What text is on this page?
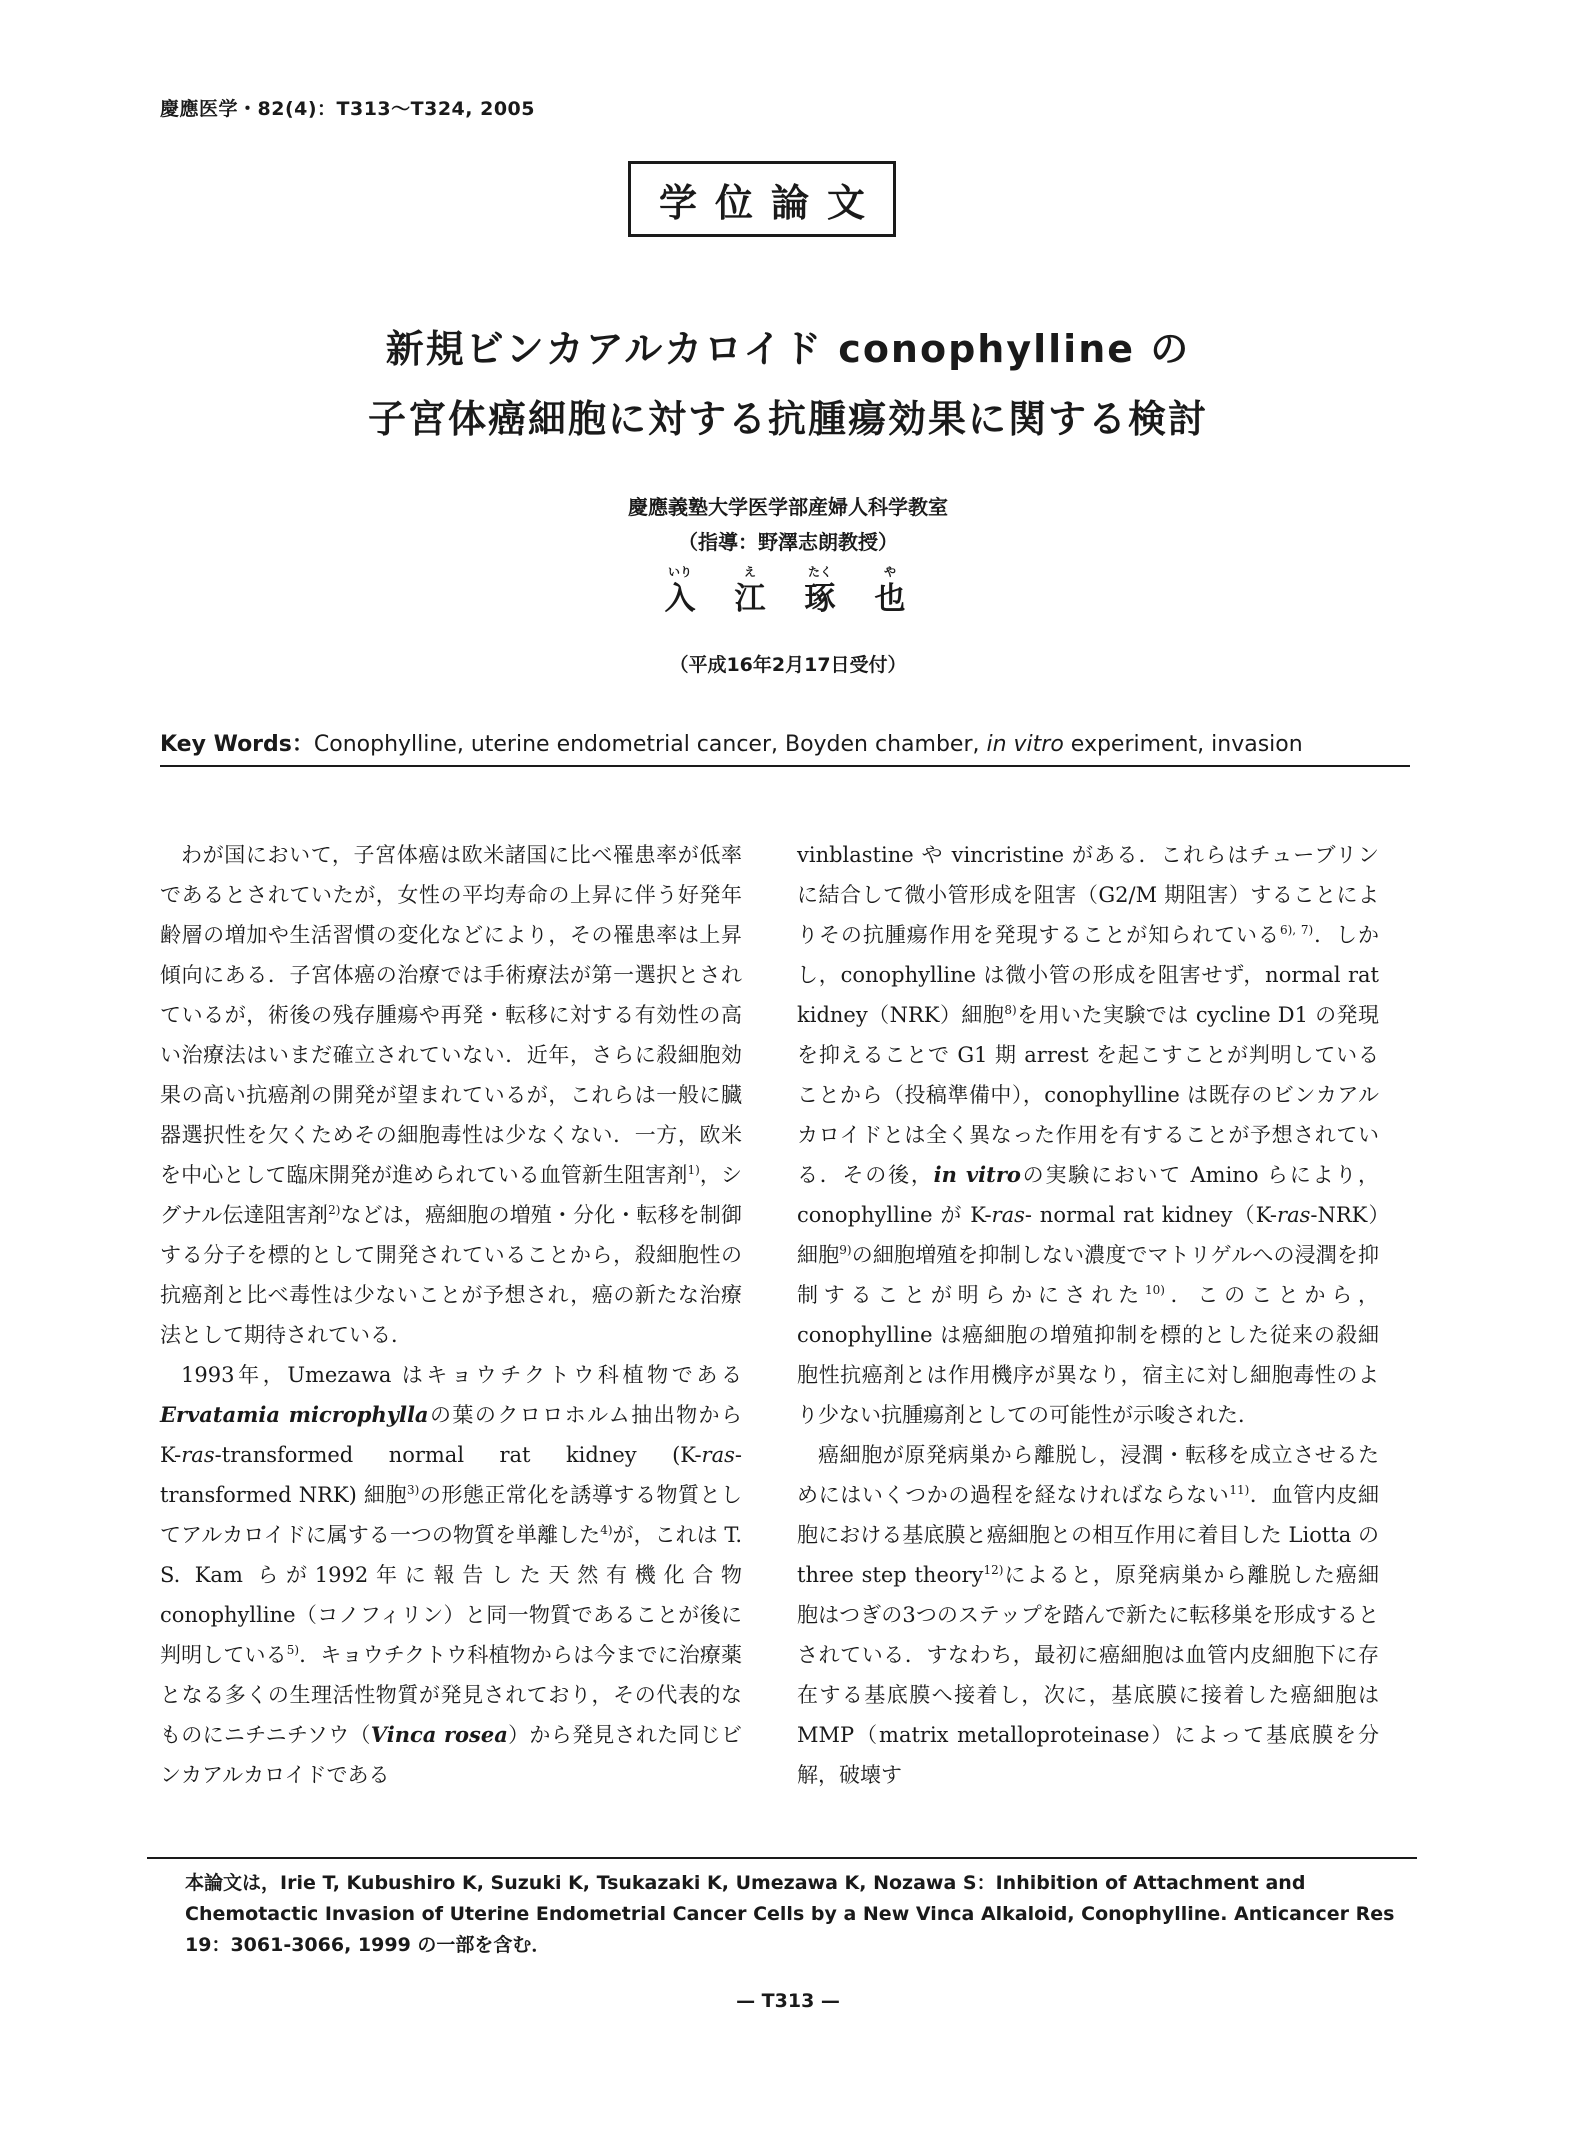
慶應医学・82(4)：T313〜T324, 2005
学位論文
新規ビンカアルカロイド conophylline の
子宮体癌細胞に対する抗腫瘍効果に関する検討
慶應義塾大学医学部産婦人科学教室
（指導：野澤志朗教授）
いり
入
え
江
たく
琢
や
也
（平成16年2月17日受付）
Key Words：Conophylline, uterine endometrial cancer, Boyden chamber, in vitro experiment, invasion

わが国において，子宮体癌は欧米諸国に比べ罹患率が低率であるとされていたが，女性の平均寿命の上昇に伴う好発年齢層の増加や生活習慣の変化などにより，その罹患率は上昇傾向にある．子宮体癌の治療では手術療法が第一選択とされているが，術後の残存腫瘍や再発・転移に対する有効性の高い治療法はいまだ確立されていない．近年，さらに殺細胞効果の高い抗癌剤の開発が望まれているが，これらは一般に臓器選択性を欠くためその細胞毒性は少なくない．一方，欧米を中心として臨床開発が進められている血管新生阻害剤$^{1)}$，シグナル伝達阻害剤$^{2)}$などは，癌細胞の増殖・分化・転移を制御する分子を標的として開発されていることから，殺細胞性の抗癌剤と比べ毒性は少ないことが予想され，癌の新たな治療法として期待されている．

1993年，Umezawa はキョウチクトウ科植物であるErvatamia microphyllaの葉のクロロホルム抽出物から K-ras-transformed normal rat kidney (K-ras-transformed NRK) 細胞$^{3)}$の形態正常化を誘導する物質としてアルカロイドに属する一つの物質を単離した$^{4)}$が，これは T. S. Kam らが1992年に報告した天然有機化合物 conophylline（コノフィリン）と同一物質であることが後に判明している$^{5)}$．キョウチクトウ科植物からは今までに治療薬となる多くの生理活性物質が発見されており，その代表的なものにニチニチソウ（Vinca rosea）から発見された同じビンカアルカロイドである

vinblastine や vincristine がある．これらはチューブリンに結合して微小管形成を阻害（G2/M 期阻害）することによりその抗腫瘍作用を発現することが知られている$^{6), 7)}$．しかし，conophylline は微小管の形成を阻害せず，normal rat kidney（NRK）細胞$^{8)}$を用いた実験では cycline D1 の発現を抑えることで G1 期 arrest を起こすことが判明していることから（投稿準備中），conophylline は既存のビンカアルカロイドとは全く異なった作用を有することが予想されている．その後，in vitroの実験において Amino らにより，conophylline が K-ras- normal rat kidney（K-ras-NRK）細胞$^{9)}$の細胞増殖を抑制しない濃度でマトリゲルへの浸潤を抑制することが明らかにされた$^{10)}$．このことから，conophylline は癌細胞の増殖抑制を標的とした従来の殺細胞性抗癌剤とは作用機序が異なり，宿主に対し細胞毒性のより少ない抗腫瘍剤としての可能性が示唆された．

癌細胞が原発病巣から離脱し，浸潤・転移を成立させるためにはいくつかの過程を経なければならない$^{11)}$．血管内皮細胞における基底膜と癌細胞との相互作用に着目した Liotta の three step theory$^{12)}$によると，原発病巣から離脱した癌細胞はつぎの3つのステップを踏んで新たに転移巣を形成するとされている．すなわち，最初に癌細胞は血管内皮細胞下に存在する基底膜へ接着し，次に，基底膜に接着した癌細胞は MMP（matrix metalloproteinase）によって基底膜を分解，破壊す

本論文は，Irie T, Kubushiro K, Suzuki K, Tsukazaki K, Umezawa K, Nozawa S：Inhibition of Attachment and Chemotactic Invasion of Uterine Endometrial Cancer Cells by a New Vinca Alkaloid, Conophylline. Anticancer Res 19：3061-3066, 1999 の一部を含む．
— T313 —
